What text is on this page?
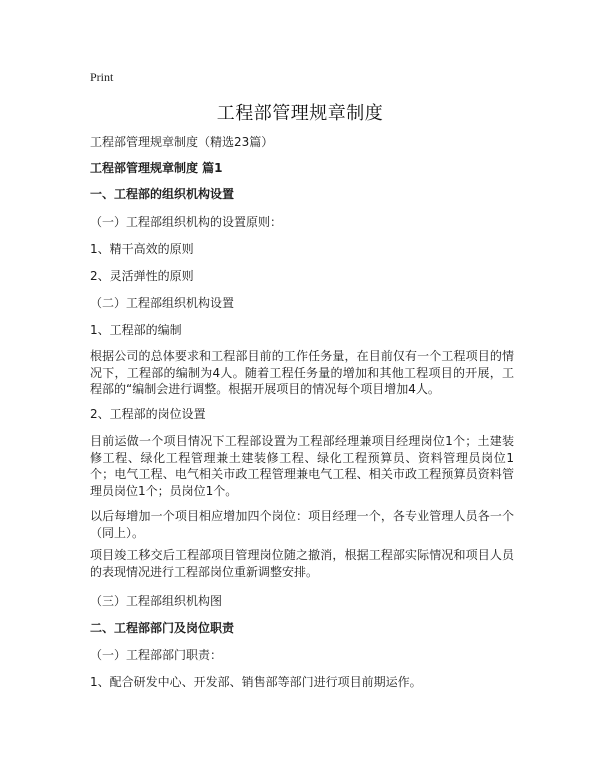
Print
工程部管理规章制度
工程部管理规章制度（精选23篇）
工程部管理规章制度 篇1
一、工程部的组织机构设置
（一）工程部组织机构的设置原则：
1、精干高效的原则
2、灵活弹性的原则
（二）工程部组织机构设置
1、工程部的编制
根据公司的总体要求和工程部目前的工作任务量，在目前仅有一个工程项目的情况下，工程部的编制为4人。随着工程任务量的增加和其他工程项目的开展，工程部的“编制会进行调整。根据开展项目的情况每个项目增加4人。
2、工程部的岗位设置
目前运做一个项目情况下工程部设置为工程部经理兼项目经理岗位1个；土建装修工程、绿化工程管理兼土建装修工程、绿化工程预算员、资料管理员岗位1个；电气工程、电气相关市政工程管理兼电气工程、相关市政工程预算员资料管理员岗位1个；员岗位1个。
以后每增加一个项目相应增加四个岗位：项目经理一个，各专业管理人员各一个（同上）。
项目竣工移交后工程部项目管理岗位随之撤消，根据工程部实际情况和项目人员的表现情况进行工程部岗位重新调整安排。
（三）工程部组织机构图
二、工程部部门及岗位职责
（一）工程部部门职责：
1、配合研发中心、开发部、销售部等部门进行项目前期运作。
